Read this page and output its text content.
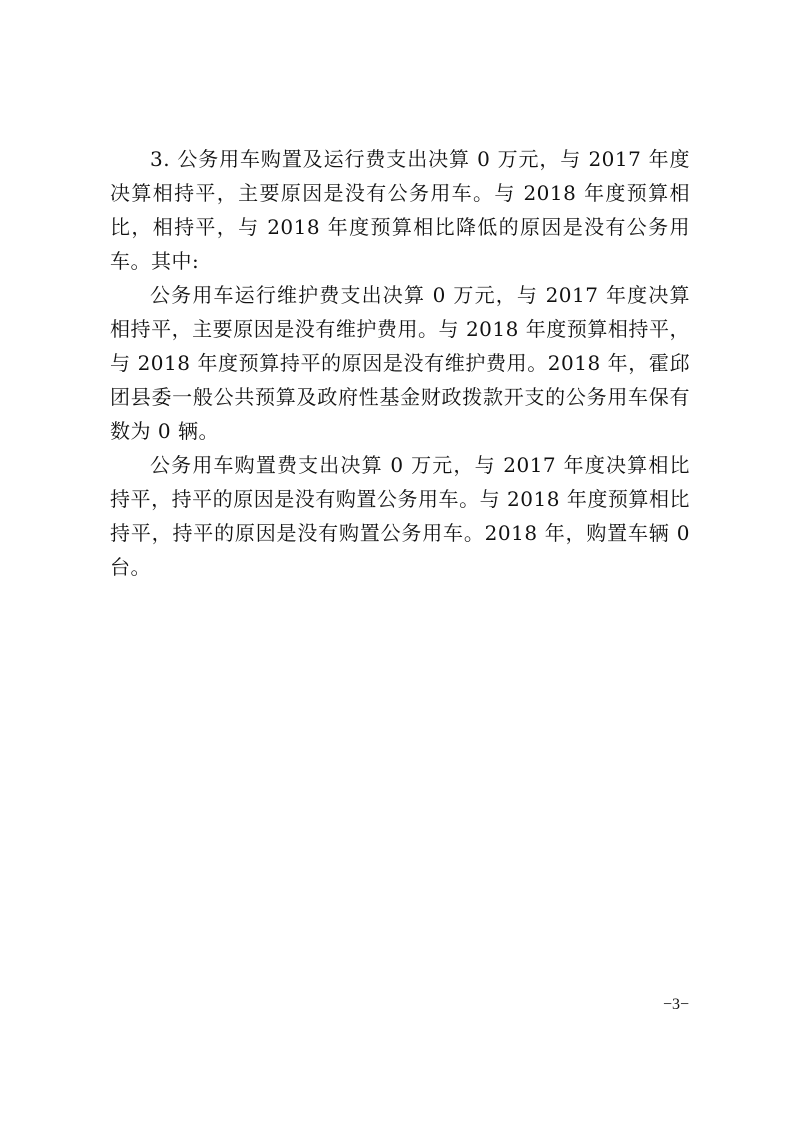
3. 公务用车购置及运行费支出决算 0 万元，与 2017 年度决算相持平，主要原因是没有公务用车。与 2018 年度预算相比，相持平，与 2018 年度预算相比降低的原因是没有公务用车。其中:

公务用车运行维护费支出决算 0 万元，与 2017 年度决算相持平，主要原因是没有维护费用。与 2018 年度预算相持平，与 2018 年度预算持平的原因是没有维护费用。2018 年，霍邱团县委一般公共预算及政府性基金财政拨款开支的公务用车保有数为 0 辆。

公务用车购置费支出决算 0 万元，与 2017 年度决算相比持平，持平的原因是没有购置公务用车。与 2018 年度预算相比持平，持平的原因是没有购置公务用车。2018 年，购置车辆 0 台。

−3−
